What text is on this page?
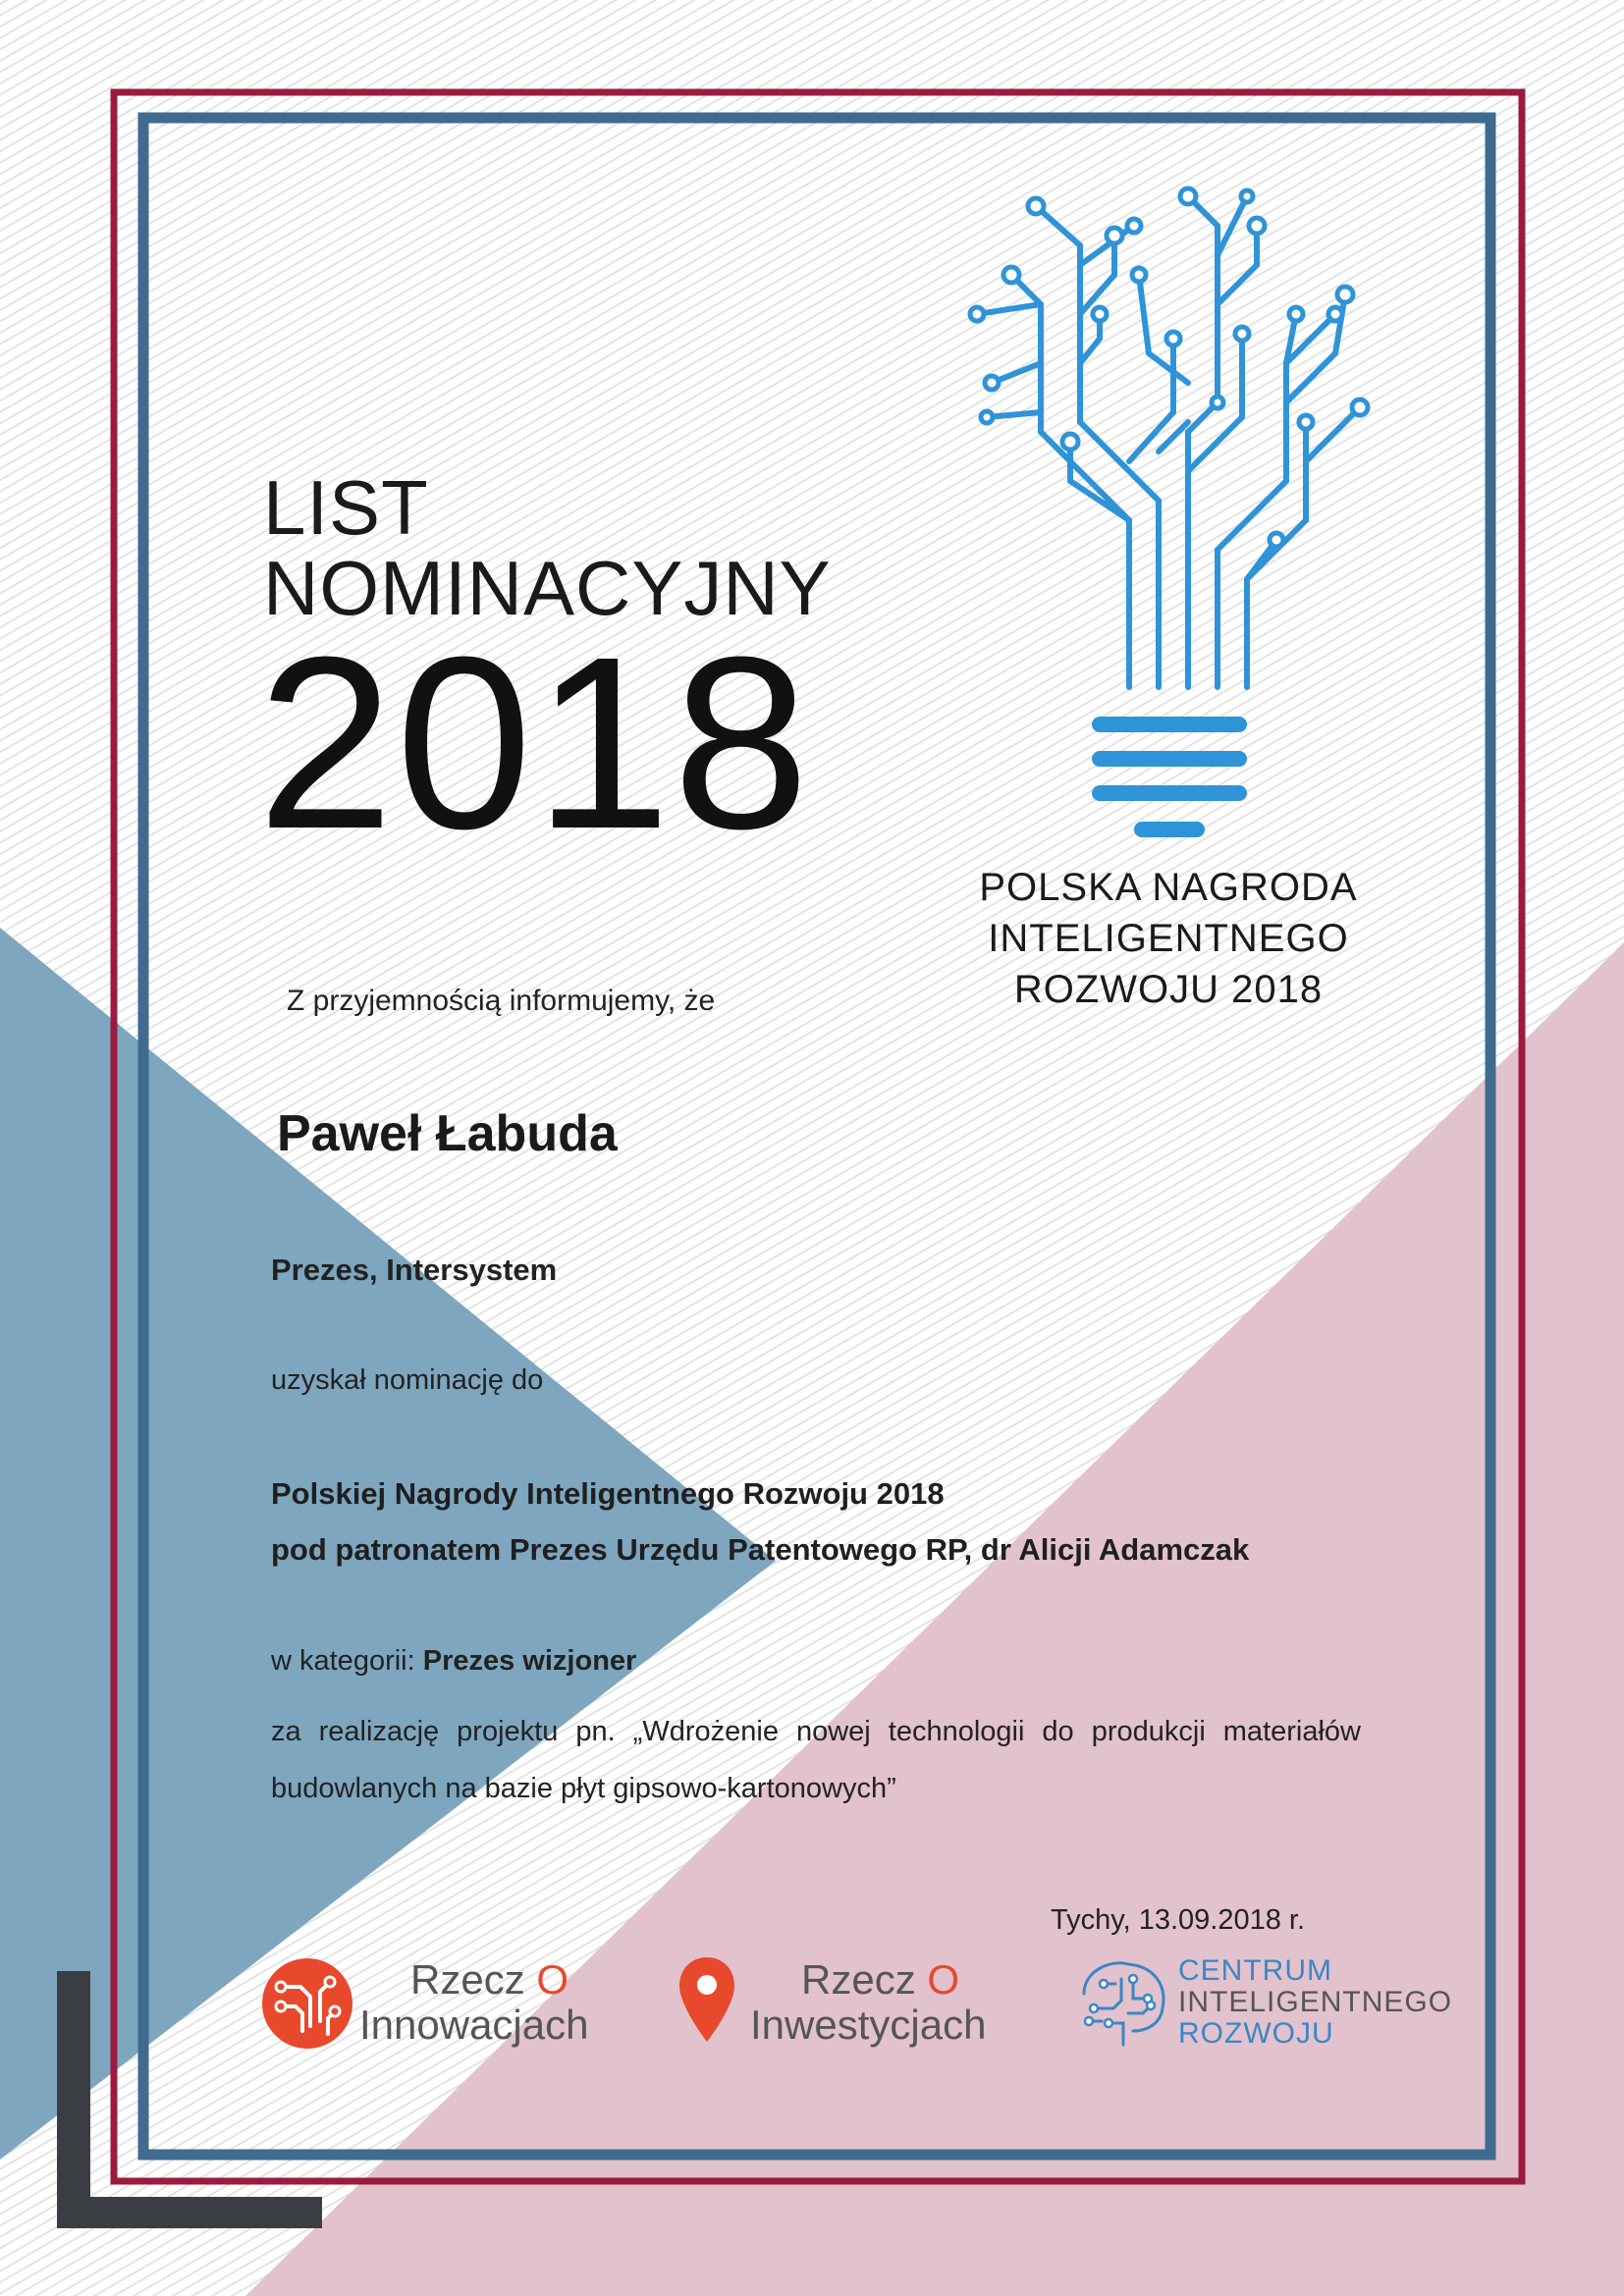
LIST
NOMINACYJNY
2018
POLSKA NAGRODA
INTELIGENTNEGO
ROZWOJU 2018
Z przyjemnością informujemy, że
Paweł Łabuda
Prezes, Intersystem
uzyskał nominację do
Polskiej Nagrody Inteligentnego Rozwoju 2018
pod patronatem Prezes Urzędu Patentowego RP, dr Alicji Adamczak
w kategorii: Prezes wizjoner
za realizację projektu pn. „Wdrożenie nowej technologii do produkcji materiałów budowlanych na bazie płyt gipsowo-kartonowych”
Tychy, 13.09.2018 r.
Rzecz O
Innowacjach
Rzecz O
Inwestycjach
CENTRUM
INTELIGENTNEGO
ROZWOJU
